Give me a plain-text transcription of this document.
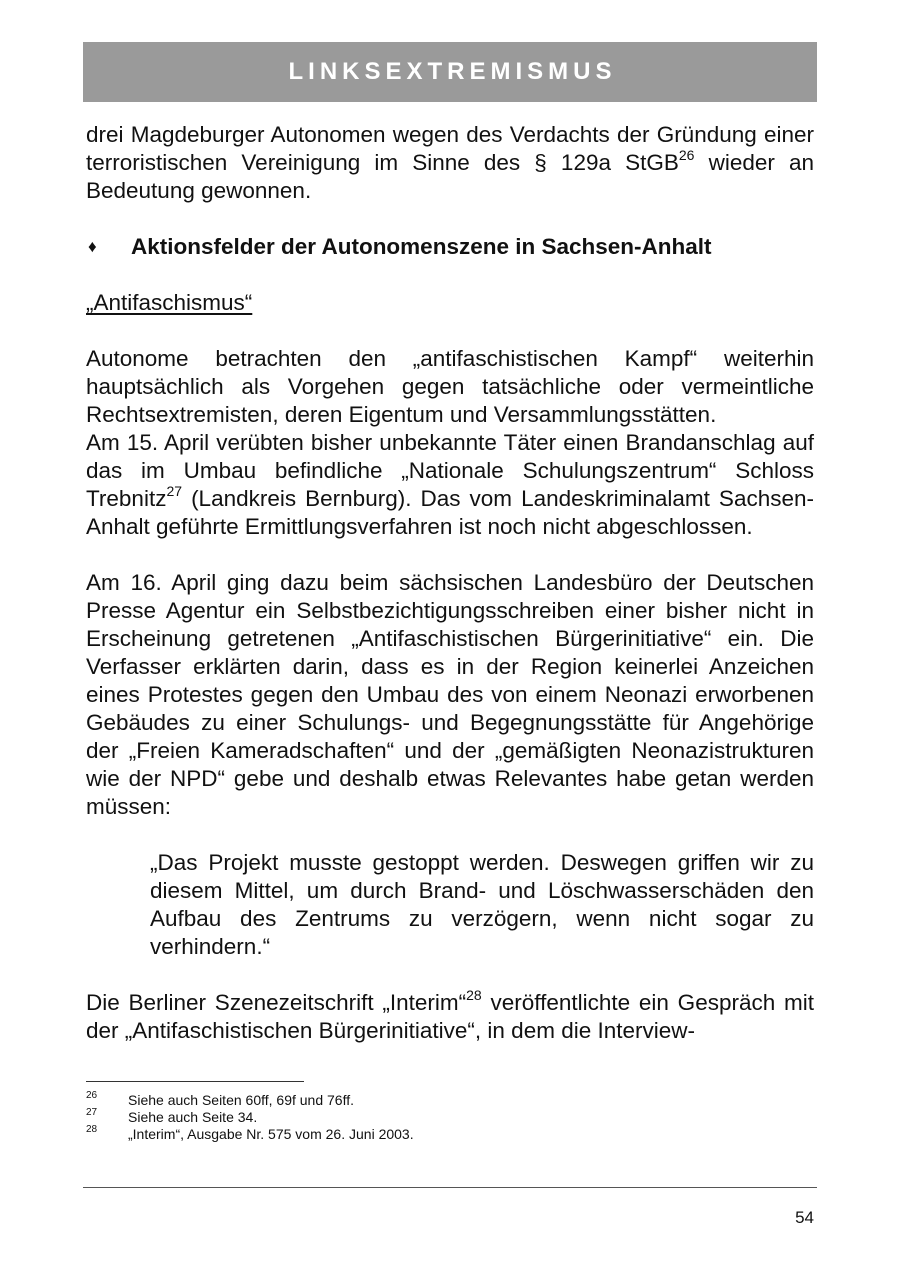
LINKSEXTREMISMUS

drei Magdeburger Autonomen wegen des Verdachts der Gründung einer terroristischen Vereinigung im Sinne des § 129a StGB$^{26}$ wieder an Bedeutung gewonnen.

♦	Aktionsfelder der Autonomenszene in Sachsen-Anhalt
„Antifaschismus“

Autonome betrachten den „antifaschistischen Kampf“ weiterhin hauptsächlich als Vorgehen gegen tatsächliche oder vermeintliche Rechtsextremisten, deren Eigentum und Versammlungsstätten.

Am 15. April verübten bisher unbekannte Täter einen Brandanschlag auf das im Umbau befindliche „Nationale Schulungszentrum“ Schloss Trebnitz$^{27}$ (Landkreis Bernburg). Das vom Landeskriminalamt Sachsen-Anhalt geführte Ermittlungsverfahren ist noch nicht abgeschlossen.

Am 16. April ging dazu beim sächsischen Landesbüro der Deutschen Presse Agentur ein Selbstbezichtigungsschreiben einer bisher nicht in Erscheinung getretenen „Antifaschistischen Bürgerinitiative“ ein. Die Verfasser erklärten darin, dass es in der Region keinerlei Anzeichen eines Protestes gegen den Umbau des von einem Neonazi erworbenen Gebäudes zu einer Schulungs- und Begegnungsstätte für Angehörige der „Freien Kameradschaften“ und der „gemäßigten Neonazistrukturen wie der NPD“ gebe und deshalb etwas Relevantes habe getan werden müssen:

„Das Projekt musste gestoppt werden. Deswegen griffen wir zu diesem Mittel, um durch Brand- und Löschwasserschäden den Aufbau des Zentrums zu verzögern, wenn nicht sogar zu verhindern.“

Die Berliner Szenezeitschrift „Interim“$^{28}$ veröffentlichte ein Gespräch mit der „Antifaschistischen Bürgerinitiative“, in dem die Interview-

26	Siehe auch Seiten 60ff, 69f und 76ff.
27	Siehe auch Seite 34.
28	„Interim“, Ausgabe Nr. 575 vom 26. Juni 2003.
54
